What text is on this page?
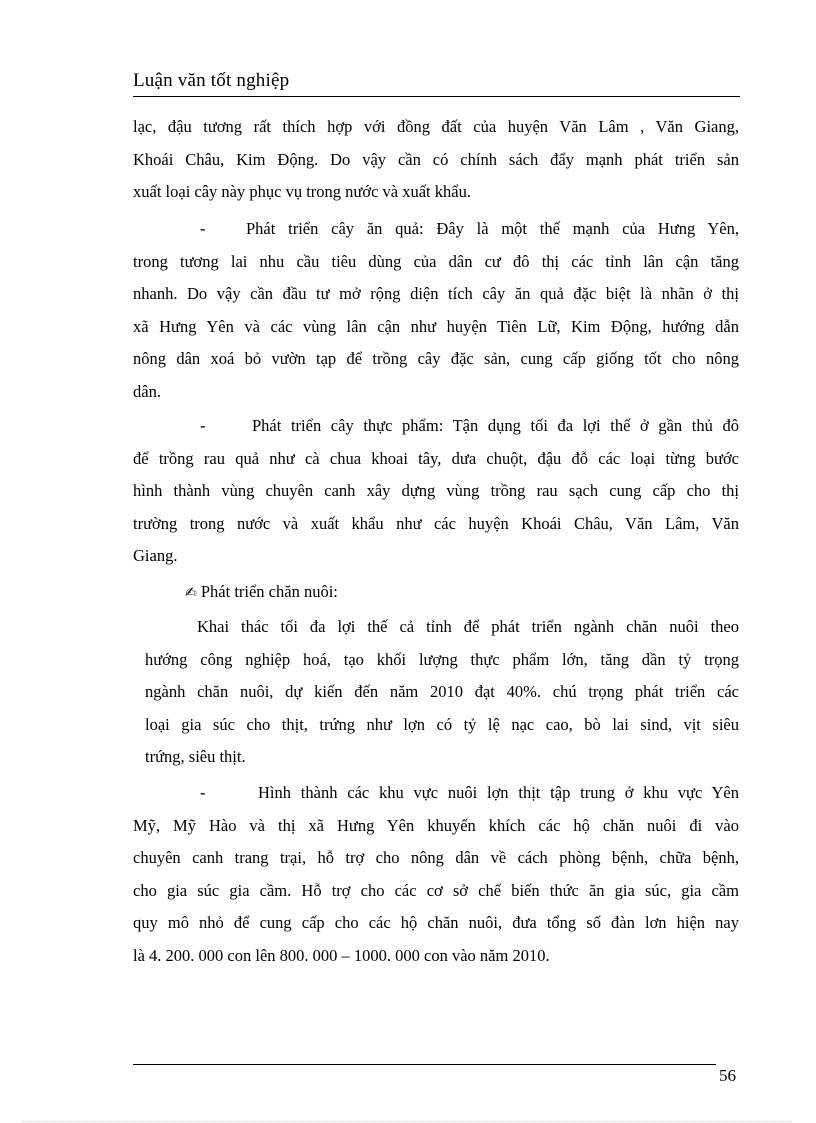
Luận văn tốt nghiệp
lạc, đậu tương rất thích hợp với đồng đất của huyện Văn Lâm , Văn Giang,
Khoái Châu, Kim Động. Do vậy cần có chính sách đẩy mạnh phát triển sản
xuất loại cây này phục vụ trong nước và xuất khẩu.
- Phát triển cây ăn quả: Đây là một thế mạnh của Hưng Yên,
trong tương lai nhu cầu tiêu dùng của dân cư đô thị các tỉnh lân cận tăng
nhanh. Do vậy cần đầu tư mở rộng diện tích cây ăn quả đặc biệt là nhãn ở thị
xã Hưng Yên và các vùng lân cận như huyện Tiên Lữ, Kim Động, hướng dẫn
nông dân xoá bỏ vườn tạp để trồng cây đặc sản, cung cấp giống tốt cho nông
dân.
-	Phát triển cây thực phẩm: Tận dụng tối đa lợi thế ở gần thủ đô
để trồng rau quả như cà chua khoai tây, dưa chuột, đậu đỗ các loại từng bước
hình thành vùng chuyên canh xây dựng vùng trồng rau sạch cung cấp cho thị
trường trong nước và xuất khẩu như các huyện Khoái Châu, Văn Lâm, Văn
Giang.
✍ Phát triển chăn nuôi:
Khai thác tối đa lợi thế cả tỉnh để phát triển ngành chăn nuôi theo
hướng công nghiệp hoá, tạo khối lượng thực phẩm lớn, tăng dần tỷ trọng
ngành chăn nuôi, dự kiến đến năm 2010 đạt 40%. chú trọng phát triển các
loại gia súc cho thịt, trứng như lợn có tỷ lệ nạc cao, bò lai sind, vịt siêu
trứng, siêu thịt.
-	Hình thành các khu vực nuôi lợn thịt tập trung ở khu vực Yên
Mỹ, Mỹ Hào và thị xã Hưng Yên khuyến khích các hộ chăn nuôi đi vào
chuyên canh trang trại, hỗ trợ cho nông dân về cách phòng bệnh, chữa bệnh,
cho gia súc gia cầm. Hỗ trợ cho các cơ sở chế biến thức ăn gia súc, gia cầm
quy mô nhỏ để cung cấp cho các hộ chăn nuôi, đưa tổng số đàn lơn hiện nay
là 4. 200. 000 con lên 800. 000 – 1000. 000 con vào năm 2010.
56
